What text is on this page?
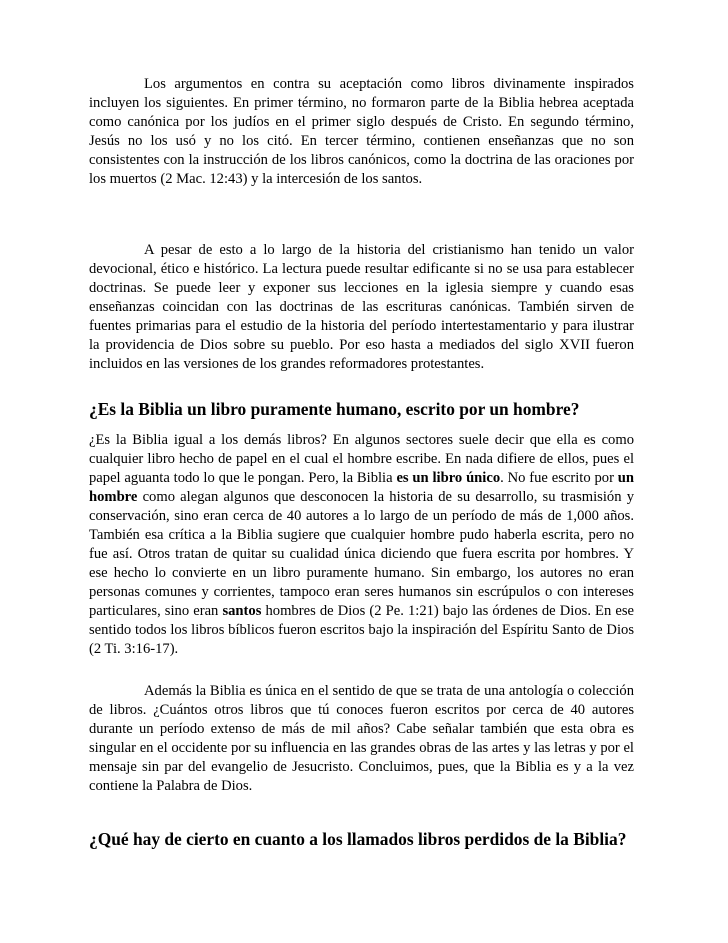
Los argumentos en contra su aceptación como libros divinamente inspirados incluyen los siguientes. En primer término, no formaron parte de la Biblia hebrea aceptada como canónica por los judíos en el primer siglo después de Cristo. En segundo término, Jesús no los usó y no los citó. En tercer término, contienen enseñanzas que no son consistentes con la instrucción de los libros canónicos, como la doctrina de las oraciones por los muertos (2 Mac. 12:43) y la intercesión de los santos.

A pesar de esto a lo largo de la historia del cristianismo han tenido un valor devocional, ético e histórico. La lectura puede resultar edificante si no se usa para establecer doctrinas. Se puede leer y exponer sus lecciones en la iglesia siempre y cuando esas enseñanzas coincidan con las doctrinas de las escrituras canónicas. También sirven de fuentes primarias para el estudio de la historia del período intertestamentario y para ilustrar la providencia de Dios sobre su pueblo. Por eso hasta a mediados del siglo XVII fueron incluidos en las versiones de los grandes reformadores protestantes.

¿Es la Biblia un libro puramente humano, escrito por un hombre?

¿Es la Biblia igual a los demás libros? En algunos sectores suele decir que ella es como cualquier libro hecho de papel en el cual el hombre escribe. En nada difiere de ellos, pues el papel aguanta todo lo que le pongan. Pero, la Biblia es un libro único. No fue escrito por un hombre como alegan algunos que desconocen la historia de su desarrollo, su trasmisión y conservación, sino eran cerca de 40 autores a lo largo de un período de más de 1,000 años. También esa crítica a la Biblia sugiere que cualquier hombre pudo haberla escrita, pero no fue así. Otros tratan de quitar su cualidad única diciendo que fuera escrita por hombres. Y ese hecho lo convierte en un libro puramente humano. Sin embargo, los autores no eran personas comunes y corrientes, tampoco eran seres humanos sin escrúpulos o con intereses particulares, sino eran santos hombres de Dios (2 Pe. 1:21) bajo las órdenes de Dios. En ese sentido todos los libros bíblicos fueron escritos bajo la inspiración del Espíritu Santo de Dios (2 Ti. 3:16-17).

Además la Biblia es única en el sentido de que se trata de una antología o colección de libros. ¿Cuántos otros libros que tú conoces fueron escritos por cerca de 40 autores durante un período extenso de más de mil años? Cabe señalar también que esta obra es singular en el occidente por su influencia en las grandes obras de las artes y las letras y por el mensaje sin par del evangelio de Jesucristo. Concluimos, pues, que la Biblia es y a la vez contiene la Palabra de Dios.

¿Qué hay de cierto en cuanto a los llamados libros perdidos de la Biblia?
